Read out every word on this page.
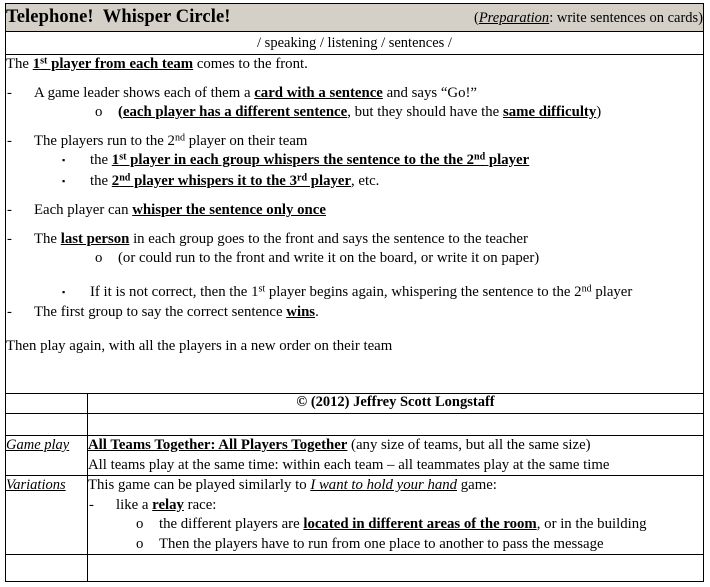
Telephone!  Whisper Circle! (Preparation: write sentences on cards)	

/ speaking / listening / sentences /	

The 1st player from each team comes to the front.
-	A game leader shows each of them a card with a sentence and says “Go!”
o	(each player has a different sentence, but they should have the same difficulty)
-	The players run to the 2nd player on their team
▪	the 1st player in each group whispers the sentence to the the 2nd player
▪	the 2nd player whispers it to the 3rd player, etc.
-	Each player can whisper the sentence only once
-	The last person in each group goes to the front and says the sentence to the teacher
o	(or could run to the front and write it on the board, or write it on paper)
▪	If it is not correct, then the 1st player begins again, whispering the sentence to the 2nd player
-	The first group to say the correct sentence wins.
Then play again, with all the players in a new order on their team

	© (2012) Jeffrey Scott Longstaff

Game play	All Teams Together: All Players Together (any size of teams, but all the same size)
All teams play at the same time: within each team – all teammates play at the same time

Variations	This game can be played similarly to I want to hold your hand game:
-	like a relay race:
o	the different players are located in different areas of the room, or in the building
o	Then the players have to run from one place to another to pass the message
